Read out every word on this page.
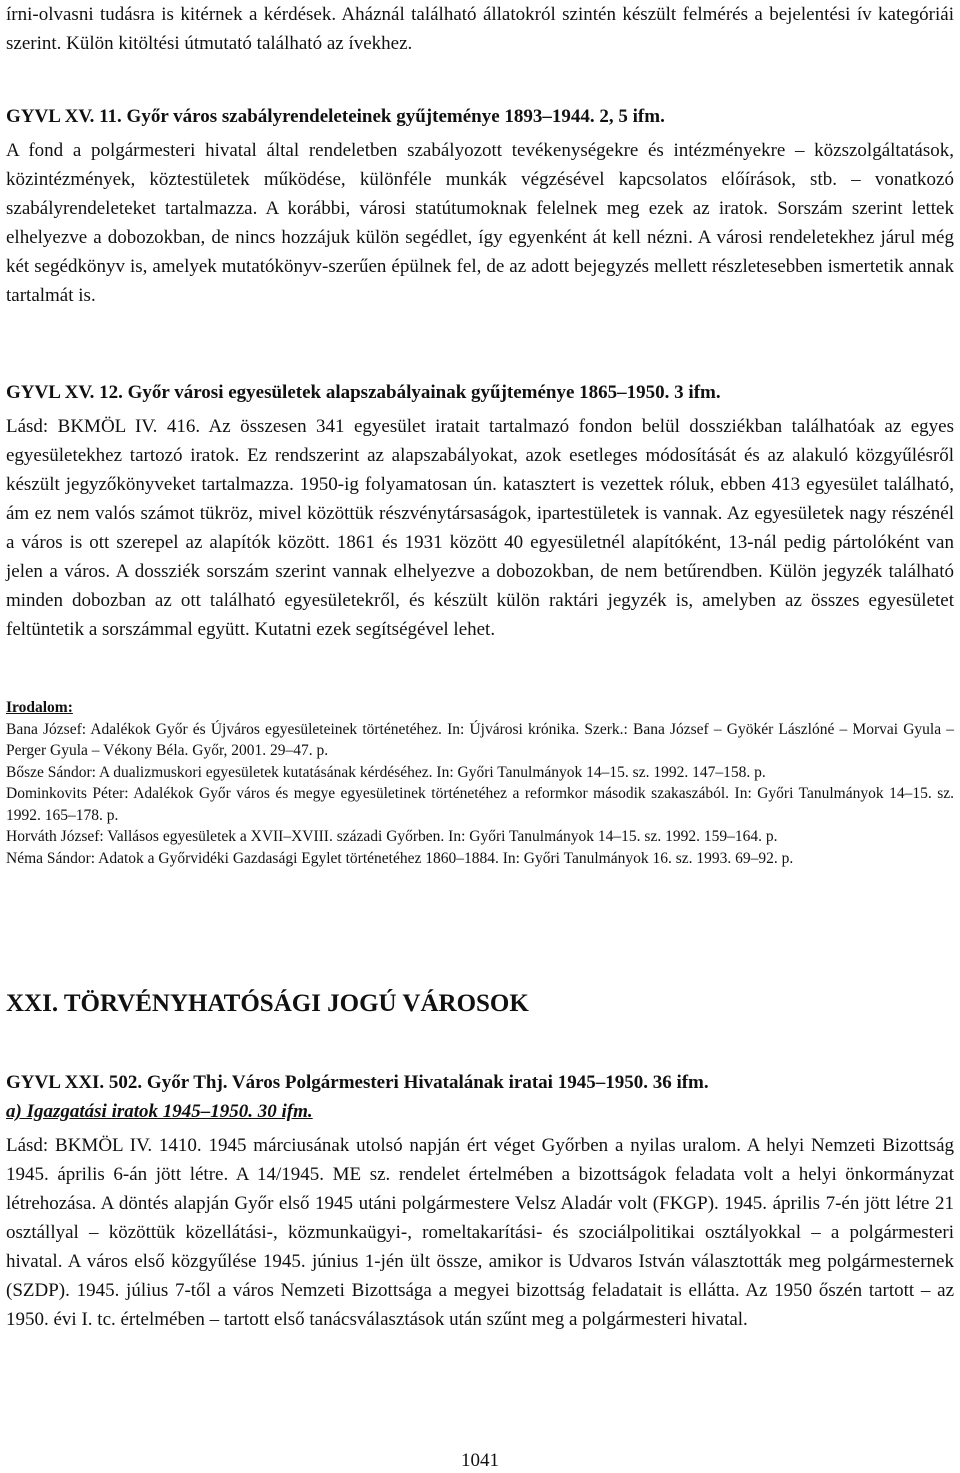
írni-olvasni tudásra is kitérnek a kérdések. Aháznál található állatokról szintén készült felmérés a bejelentési ív kategóriái szerint. Külön kitöltési útmutató található az ívekhez.

GYVL XV. 11. Győr város szabályrendeleteinek gyűjteménye 1893–1944. 2, 5 ifm.

A fond a polgármesteri hivatal által rendeletben szabályozott tevékenységekre és intézményekre – közszolgáltatások, közintézmények, köztestületek működése, különféle munkák végzésével kapcsolatos előírások, stb. – vonatkozó szabályrendeleteket tartalmazza. A korábbi, városi statútumoknak felelnek meg ezek az iratok. Sorszám szerint lettek elhelyezve a dobozokban, de nincs hozzájuk külön segédlet, így egyenként át kell nézni. A városi rendeletekhez járul még két segédkönyv is, amelyek mutatókönyv-szerűen épülnek fel, de az adott bejegyzés mellett részletesebben ismertetik annak tartalmát is.

GYVL XV. 12. Győr városi egyesületek alapszabályainak gyűjteménye 1865–1950. 3 ifm.

Lásd: BKMÖL IV. 416. Az összesen 341 egyesület iratait tartalmazó fondon belül dossziékban találhatóak az egyes egyesületekhez tartozó iratok. Ez rendszerint az alapszabályokat, azok esetleges módosítását és az alakuló közgyűlésről készült jegyzőkönyveket tartalmazza. 1950-ig folyamatosan ún. katasztert is vezettek róluk, ebben 413 egyesület található, ám ez nem valós számot tükröz, mivel közöttük részvénytársaságok, ipartestületek is vannak. Az egyesületek nagy részénél a város is ott szerepel az alapítók között. 1861 és 1931 között 40 egyesületnél alapítóként, 13-nál pedig pártolóként van jelen a város. A dossziék sorszám szerint vannak elhelyezve a dobozokban, de nem betűrendben. Külön jegyzék található minden dobozban az ott található egyesületekről, és készült külön raktári jegyzék is, amelyben az összes egyesületet feltüntetik a sorszámmal együtt. Kutatni ezek segítségével lehet.

Irodalom:

Bana József: Adalékok Győr és Újváros egyesületeinek történetéhez. In: Újvárosi krónika. Szerk.: Bana József – Gyökér Lászlóné – Morvai Gyula – Perger Gyula – Vékony Béla. Győr, 2001. 29–47. p.

Bősze Sándor: A dualizmuskori egyesületek kutatásának kérdéséhez. In: Győri Tanulmányok 14–15. sz. 1992. 147–158. p.

Dominkovits Péter: Adalékok Győr város és megye egyesületinek történetéhez a reformkor második szakaszából. In: Győri Tanulmányok 14–15. sz. 1992. 165–178. p.

Horváth József: Vallásos egyesületek a XVII–XVIII. századi Győrben. In: Győri Tanulmányok 14–15. sz. 1992. 159–164. p.

Néma Sándor: Adatok a Győrvidéki Gazdasági Egylet történetéhez 1860–1884. In: Győri Tanulmányok 16. sz. 1993. 69–92. p.

XXI. TÖRVÉNYHATÓSÁGI JOGÚ VÁROSOK

GYVL XXI. 502. Győr Thj. Város Polgármesteri Hivatalának iratai 1945–1950. 36 ifm.

a) Igazgatási iratok 1945–1950. 30 ifm.

Lásd: BKMÖL IV. 1410. 1945 márciusának utolsó napján ért véget Győrben a nyilas uralom. A helyi Nemzeti Bizottság 1945. április 6-án jött létre. A 14/1945. ME sz. rendelet értelmében a bizottságok feladata volt a helyi önkormányzat létrehozása. A döntés alapján Győr első 1945 utáni polgármestere Velsz Aladár volt (FKGP). 1945. április 7-én jött létre 21 osztállyal – közöttük közellátási-, közmunkaügyi-, romeltakarítási- és szociálpolitikai osztályokkal – a polgármesteri hivatal. A város első közgyűlése 1945. június 1-jén ült össze, amikor is Udvaros István választották meg polgármesternek (SZDP). 1945. július 7-től a város Nemzeti Bizottsága a megyei bizottság feladatait is ellátta. Az 1950 őszén tartott – az 1950. évi I. tc. értelmében – tartott első tanácsválasztások után szűnt meg a polgármesteri hivatal.

1041
